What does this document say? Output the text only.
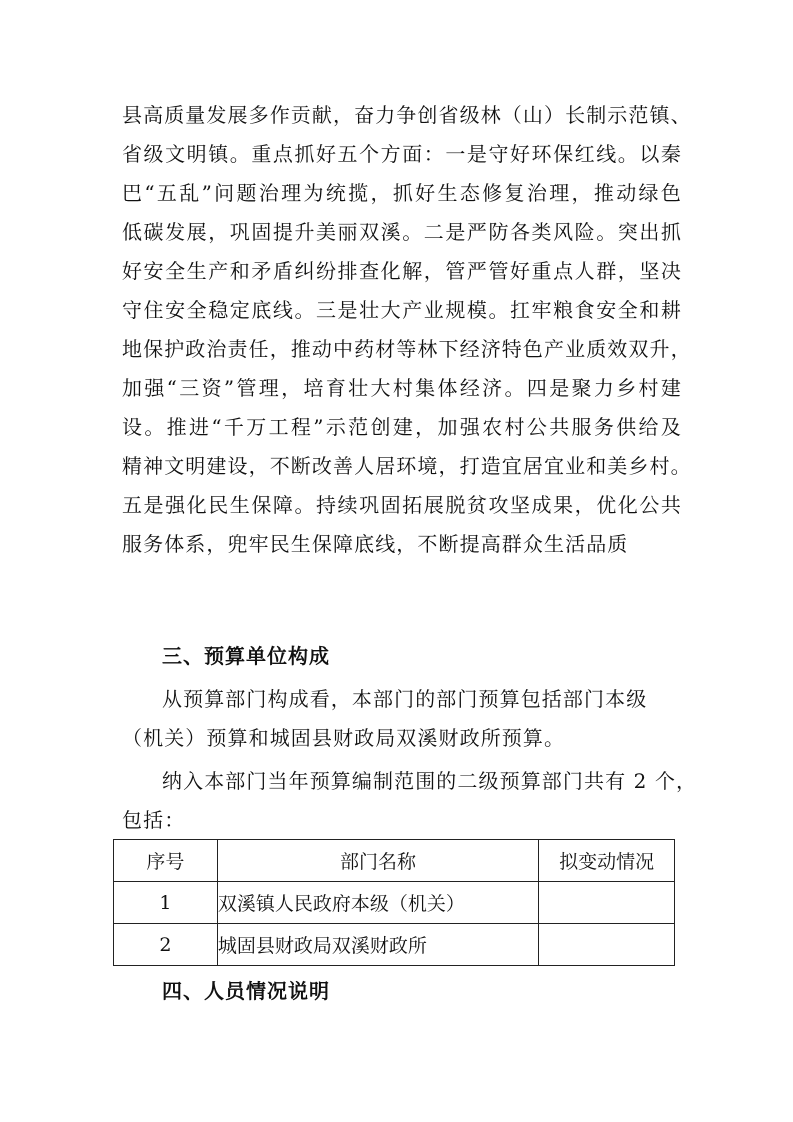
县高质量发展多作贡献，奋力争创省级林（山）长制示范镇、
省级文明镇。重点抓好五个方面：一是守好环保红线。以秦
巴“五乱”问题治理为统揽，抓好生态修复治理，推动绿色
低碳发展，巩固提升美丽双溪。二是严防各类风险。突出抓
好安全生产和矛盾纠纷排查化解，管严管好重点人群，坚决
守住安全稳定底线。三是壮大产业规模。扛牢粮食安全和耕
地保护政治责任，推动中药材等林下经济特色产业质效双升，
加强“三资”管理，培育壮大村集体经济。四是聚力乡村建
设。推进“千万工程”示范创建，加强农村公共服务供给及
精神文明建设，不断改善人居环境，打造宜居宜业和美乡村。
五是强化民生保障。持续巩固拓展脱贫攻坚成果，优化公共
服务体系，兜牢民生保障底线，不断提高群众生活品质
三、预算单位构成
从预算部门构成看，本部门的部门预算包括部门本级
（机关）预算和城固县财政局双溪财政所预算。
纳入本部门当年预算编制范围的二级预算部门共有 2 个，
包括：
序号	部门名称	拟变动情况
1	双溪镇人民政府本级（机关）	
2	城固县财政局双溪财政所	
四、人员情况说明
